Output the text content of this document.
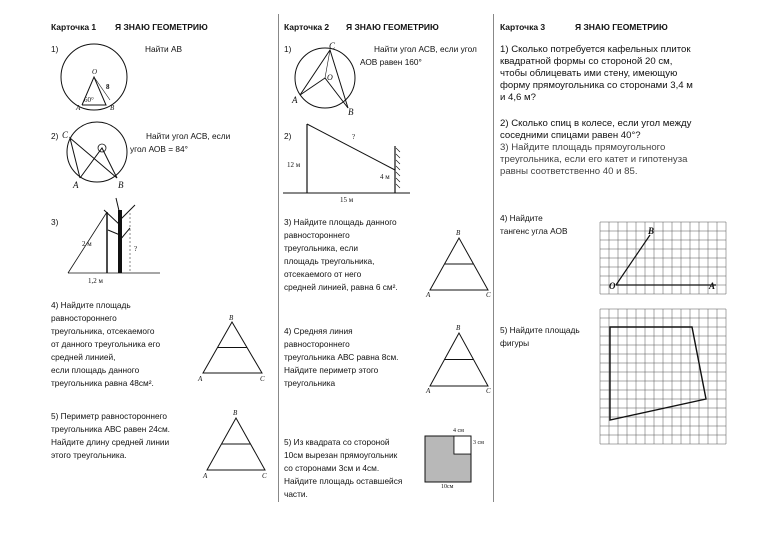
Карточка 1 Я ЗНАЮ ГЕОМЕТРИЮ
1)	Найти АВ
O
8
60°
A	B
2)	Найти угол АСВ, если
угол АОВ = 84°
C
A	B
3)
2 м
?
1,2 м
4) Найдите площадь
равностороннего
треугольника, отсекаемого
от данного треугольника его
средней линией,
если площадь данного
треугольника равна 48см².
B
A	C
5) Периметр равностороннего
треугольника АВС равен 24см.
Найдите длину средней линии
этого треугольника.
B
A	C
Карточка 2 Я ЗНАЮ ГЕОМЕТРИЮ
1)	Найти угол АСВ, если угол
АОВ равен 160°
C
O
A
B
2)	?
12 м
4 м
15 м
3) Найдите площадь данного
равностороннего
треугольника, если
площадь треугольника,
отсекаемого от него
средней линией, равна 6 см².
B
A	C
4) Средняя линия
равностороннего
треугольника АВС равна 8см.
Найдите периметр этого
треугольника
B
A	C
5) Из квадрата со стороной
10см вырезан прямоугольник
со сторонами 3см и 4см.
Найдите площадь оставшейся
части.
4 см
3 см
10см
Карточка 3	Я ЗНАЮ ГЕОМЕТРИЮ
1) Сколько потребуется кафельных плиток
квадратной формы со стороной 20 см,
чтобы облицевать ими стену, имеющую
форму прямоугольника со сторонами 3,4 м
и 4,6 м?
2) Сколько спиц в колесе, если угол между
соседними спицами равен 40°?
3) Найдите площадь прямоугольного
треугольника, если его катет и гипотенуза
равны соответственно 40 и 85.
4) Найдите
тангенс угла АОВ	B
O	A
5) Найдите площадь
фигуры
